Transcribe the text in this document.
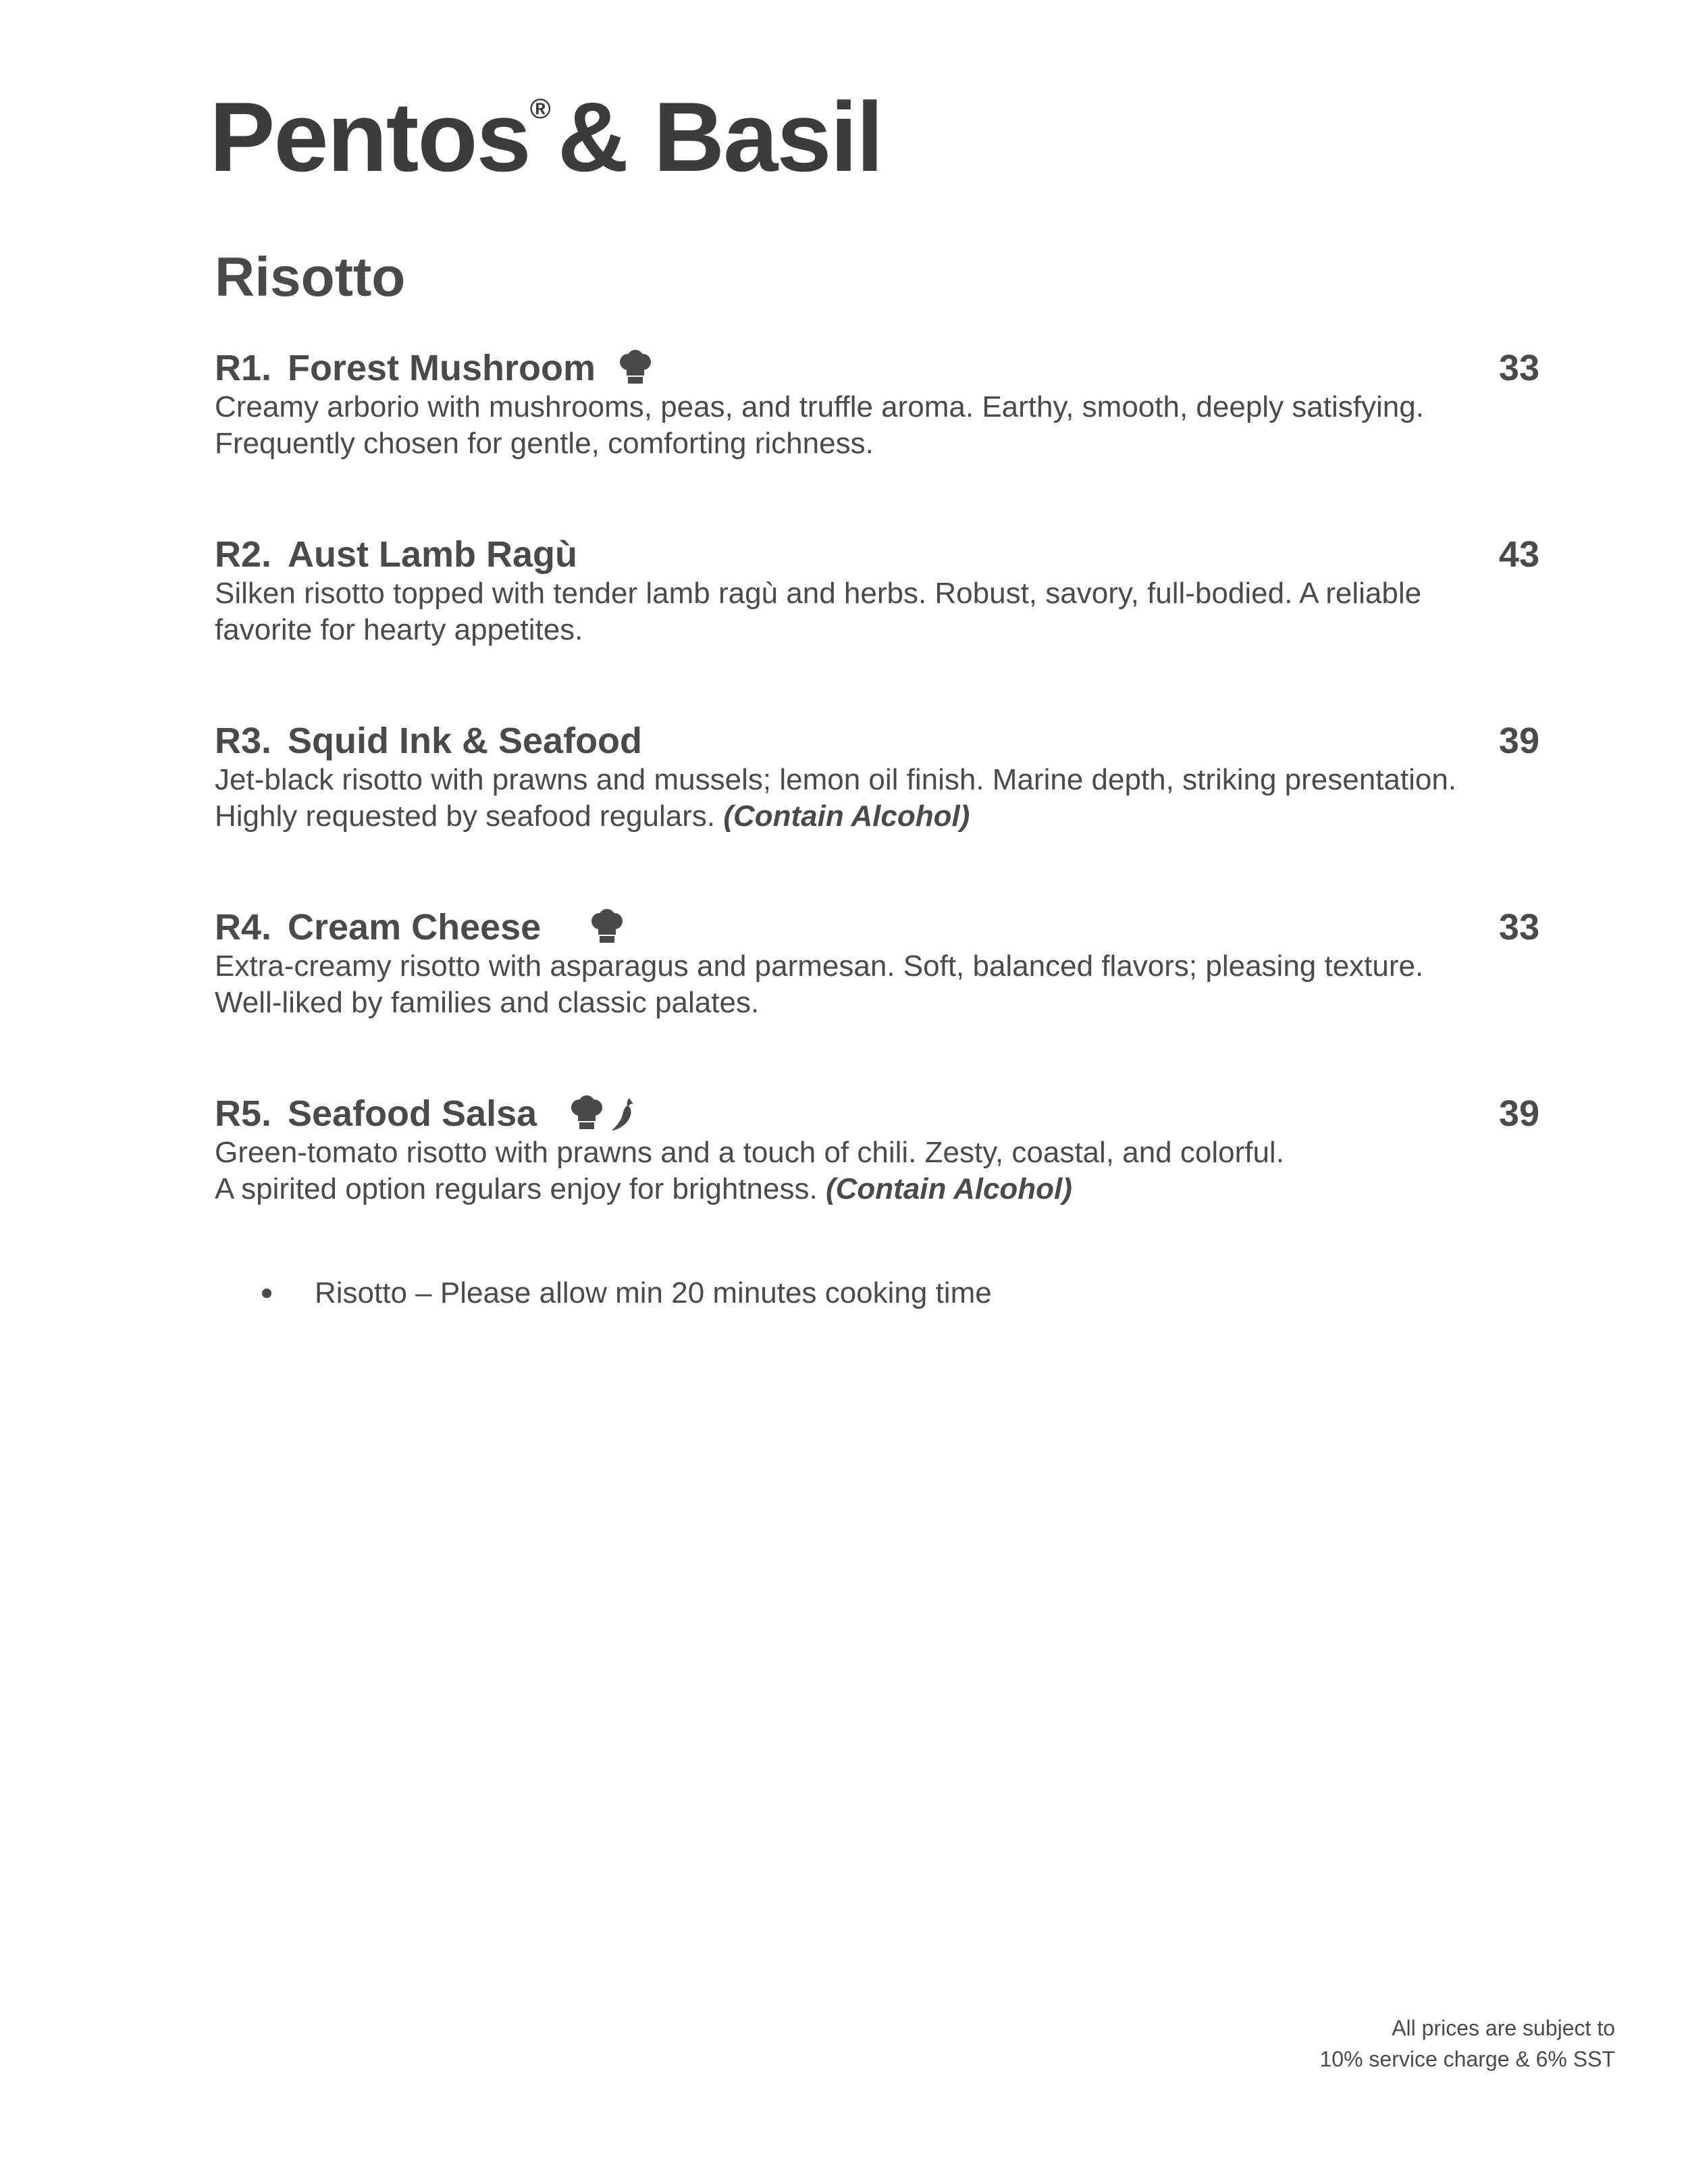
Pentos®& Basil
Risotto
R1. Forest Mushroom	33
Creamy arborio with mushrooms, peas, and truffle aroma. Earthy, smooth, deeply satisfying.
Frequently chosen for gentle, comforting richness.
R2. Aust Lamb Ragù	43
Silken risotto topped with tender lamb ragù and herbs. Robust, savory, full-bodied. A reliable
favorite for hearty appetites.
R3. Squid Ink & Seafood	39
Jet-black risotto with prawns and mussels; lemon oil finish. Marine depth, striking presentation.
Highly requested by seafood regulars. (Contain Alcohol)
R4. Cream Cheese	33
Extra-creamy risotto with asparagus and parmesan. Soft, balanced flavors; pleasing texture.
Well-liked by families and classic palates.
R5. Seafood Salsa	39
Green-tomato risotto with prawns and a touch of chili. Zesty, coastal, and colorful.
A spirited option regulars enjoy for brightness. (Contain Alcohol)
Risotto – Please allow min 20 minutes cooking time
All prices are subject to
10% service charge & 6% SST
